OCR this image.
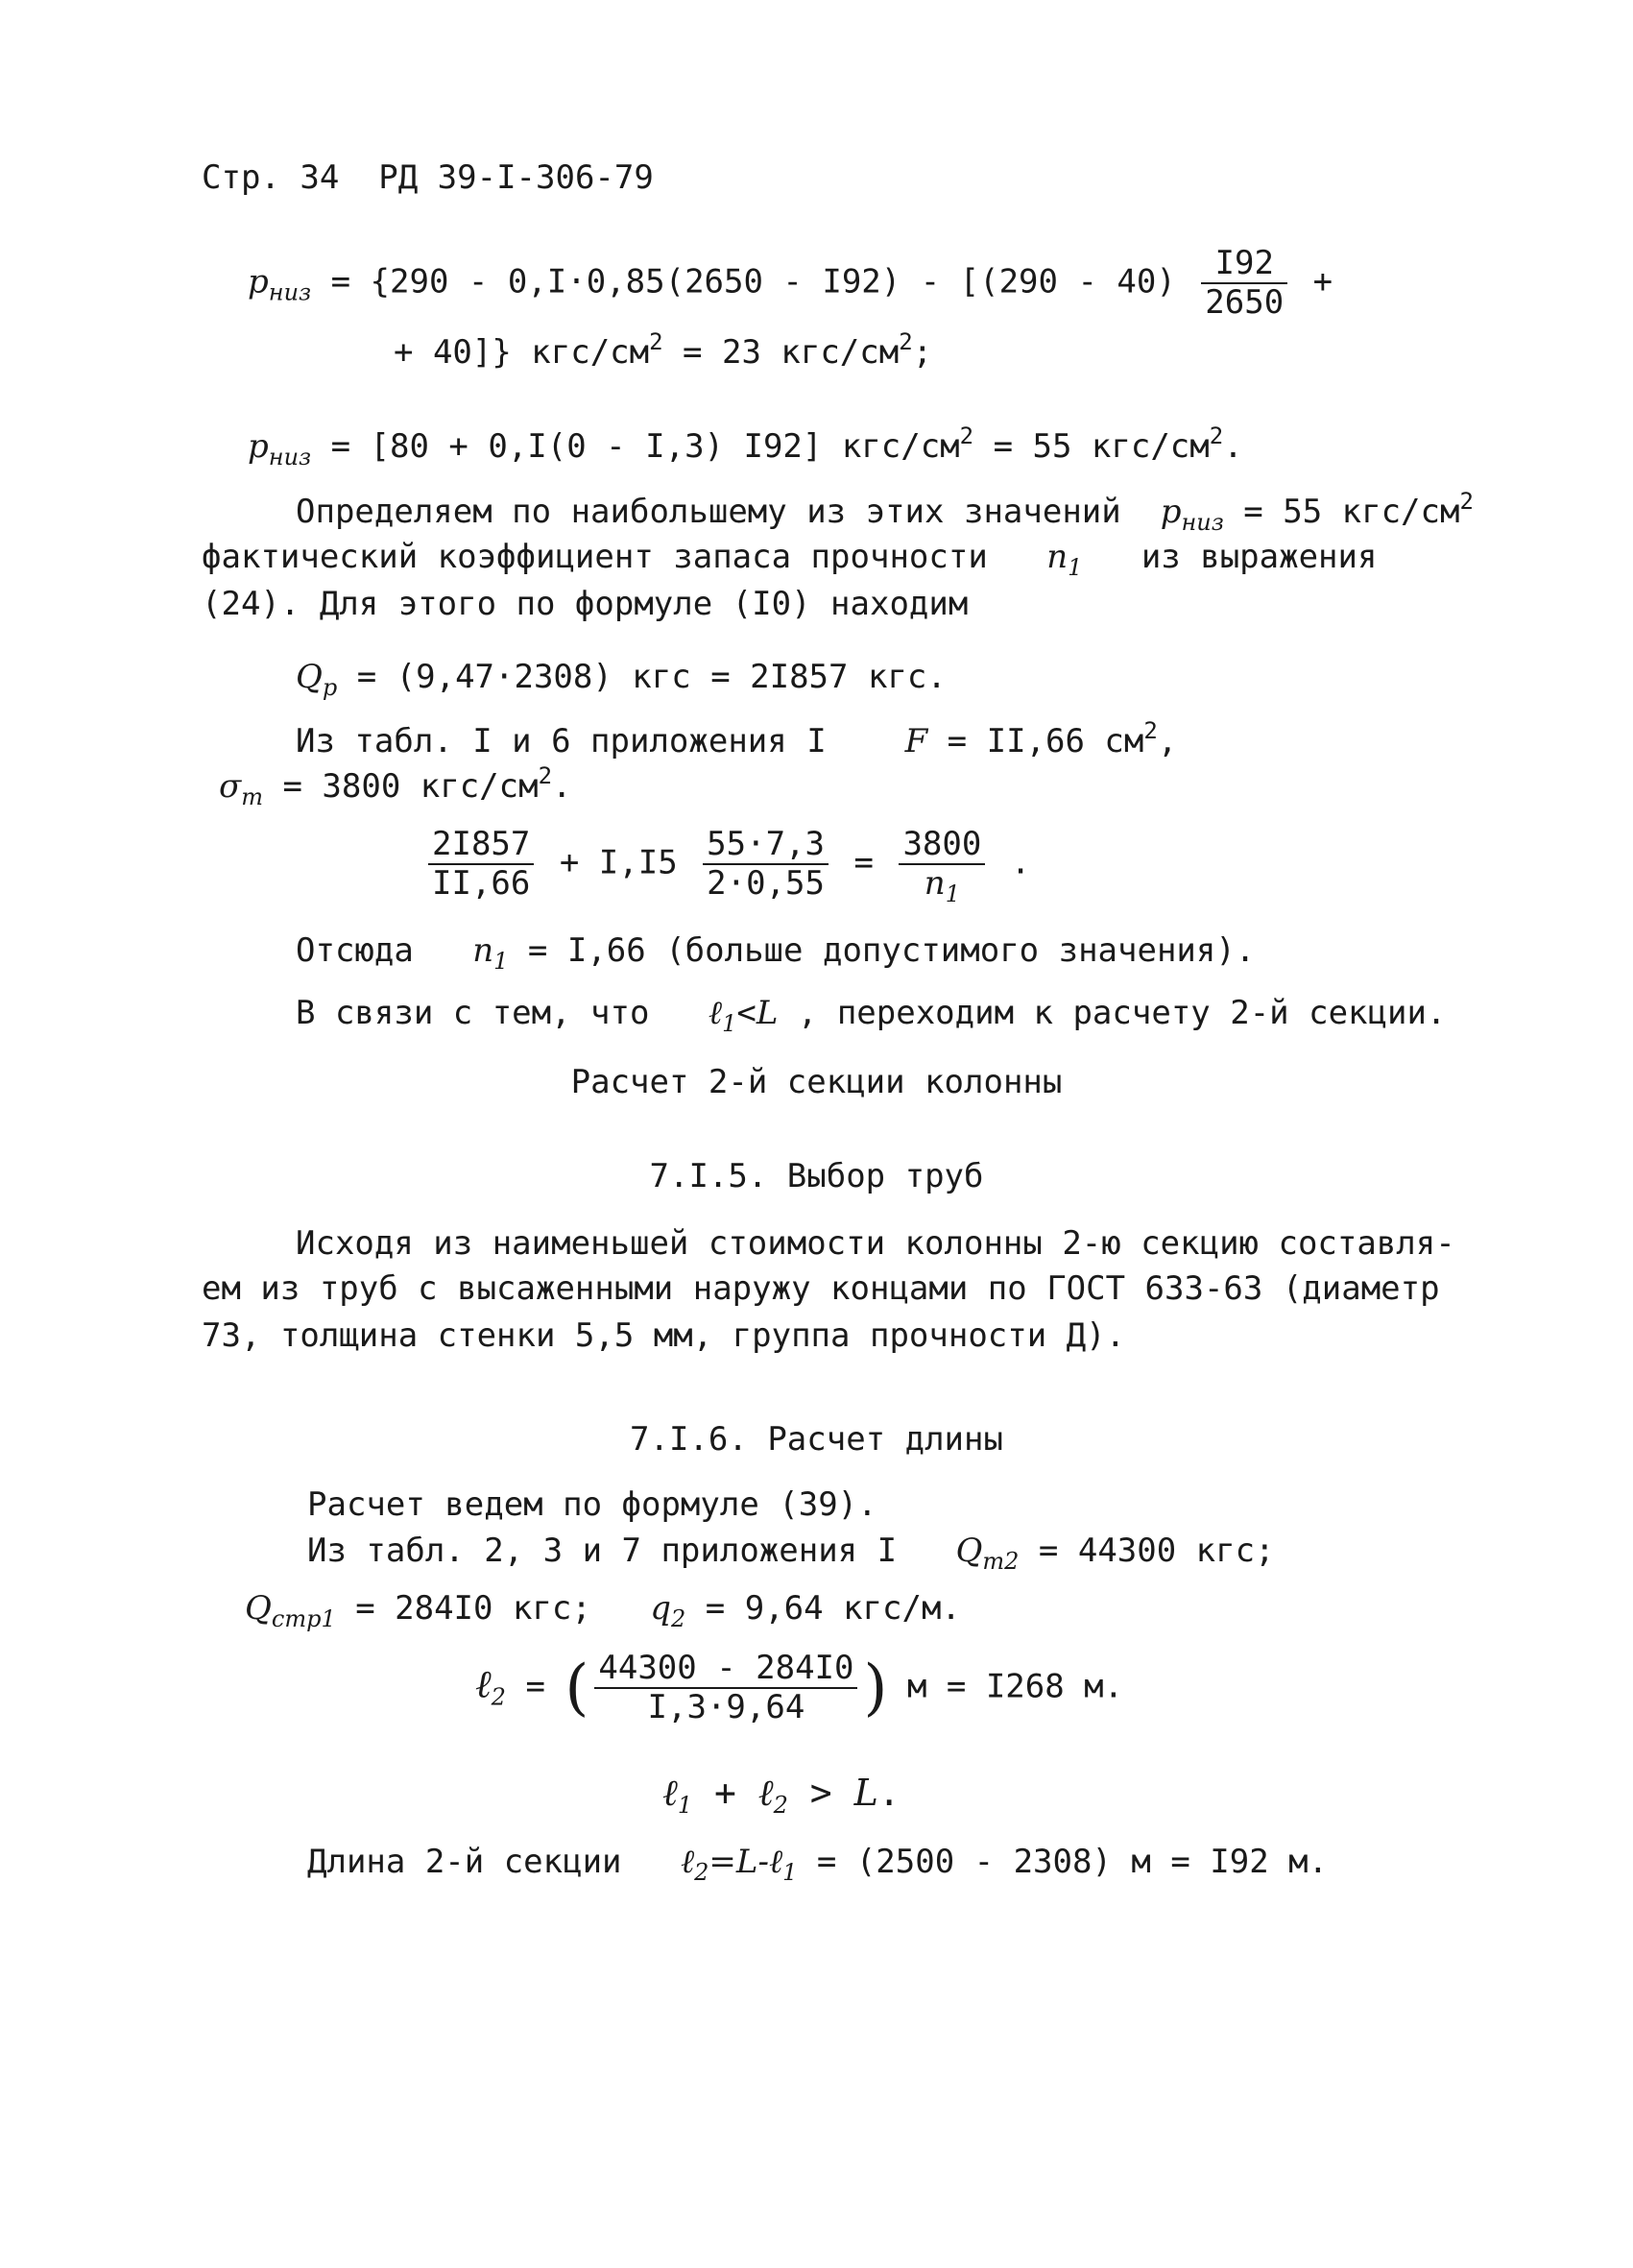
Стр. 34 РД 39-I-306-79
$p_{низ} = \{290 - 0,I\cdot 0,85(2650 - I92) - [(290 - 40) \frac{I92}{2650}$ +
+ 40]} кгс/$см^2 = 23$ кгс/$см^2$;
$p_{низ} = [80 + 0,I(0 - I,3)$ I92] кгс/$см^2 = 55$ кгс/$см^2$.
Определяем по наибольшему из этих значений $p_{низ} = 55$ кгс/$см^2$
фактический коэффициент запаса прочности $n_1$ из выражения
(24). Для этого по формуле (I0) находим
$Q_p = (9,47\cdot 2308)$ кгс = 2I857 кгс.
Из табл. I и 6 приложения I F = II,66 $см^2$,
$\sigma_т = 3800$ кгс/$см^2$.
$\frac{2I857}{II,66} + I,I5 \frac{55\cdot 7,3}{2\cdot 0,55} = \frac{3800}{n_1}$ .
Отсюда $n_1 = I,66$ (больше допустимого значения).
В связи с тем, что ℓ$_1$<L , переходим к расчету 2-й секции.
Расчет 2-й секции колонны
7.I.5. Выбор труб
Исходя из наименьшей стоимости колонны 2-ю секцию составля-
ем из труб с высаженными наружу концами по ГОСТ 633-63 (диаметр
73, толщина стенки 5,5 мм, группа прочности Д).
7.I.6. Расчет длины
Расчет ведем по формуле (39).
Из табл. 2, 3 и 7 приложения I $Q_{т2} = 44300$ кгс;
$Q_{стр1} = 284I0$ кгс; $q_2 = 9,64$ кгс/м.
ℓ$_2$ = ( $\frac{44300 - 284I0}{I,3\cdot 9,64}$ ) м = I268 м.
ℓ$_1$ + ℓ$_2$ > L.
Длина 2-й секции ℓ$_2$=L-ℓ$_1$ = (2500 - 2308) м = I92 м.
